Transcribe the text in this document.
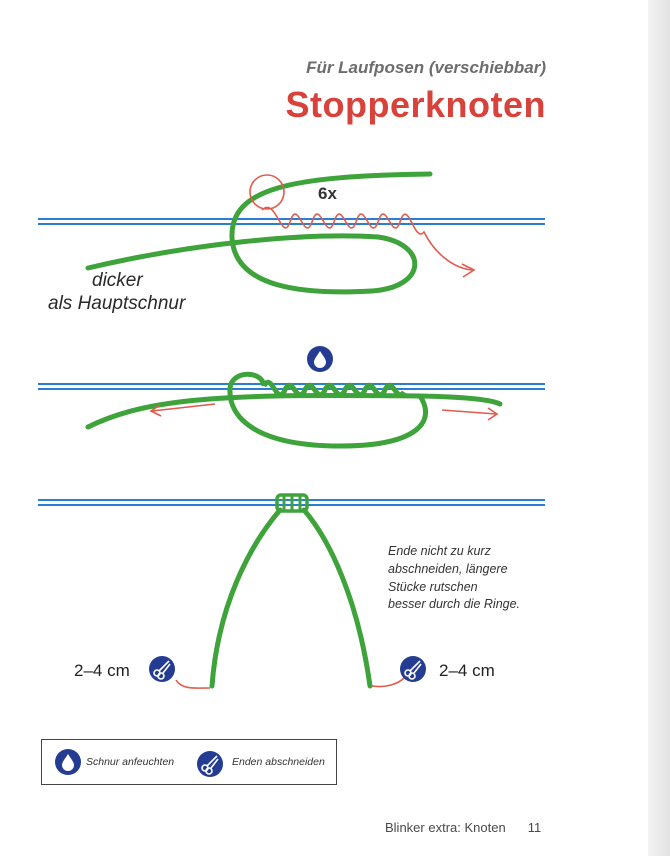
Für Laufposen (verschiebbar)
Stopperknoten
6x
dicker
als Hauptschnur
Ende nicht zu kurz
abschneiden, längere
Stücke rutschen
besser durch die Ringe.
2–4 cm	2–4 cm
Schnur anfeuchten	Enden abschneiden
Blinker extra: Knoten 11
